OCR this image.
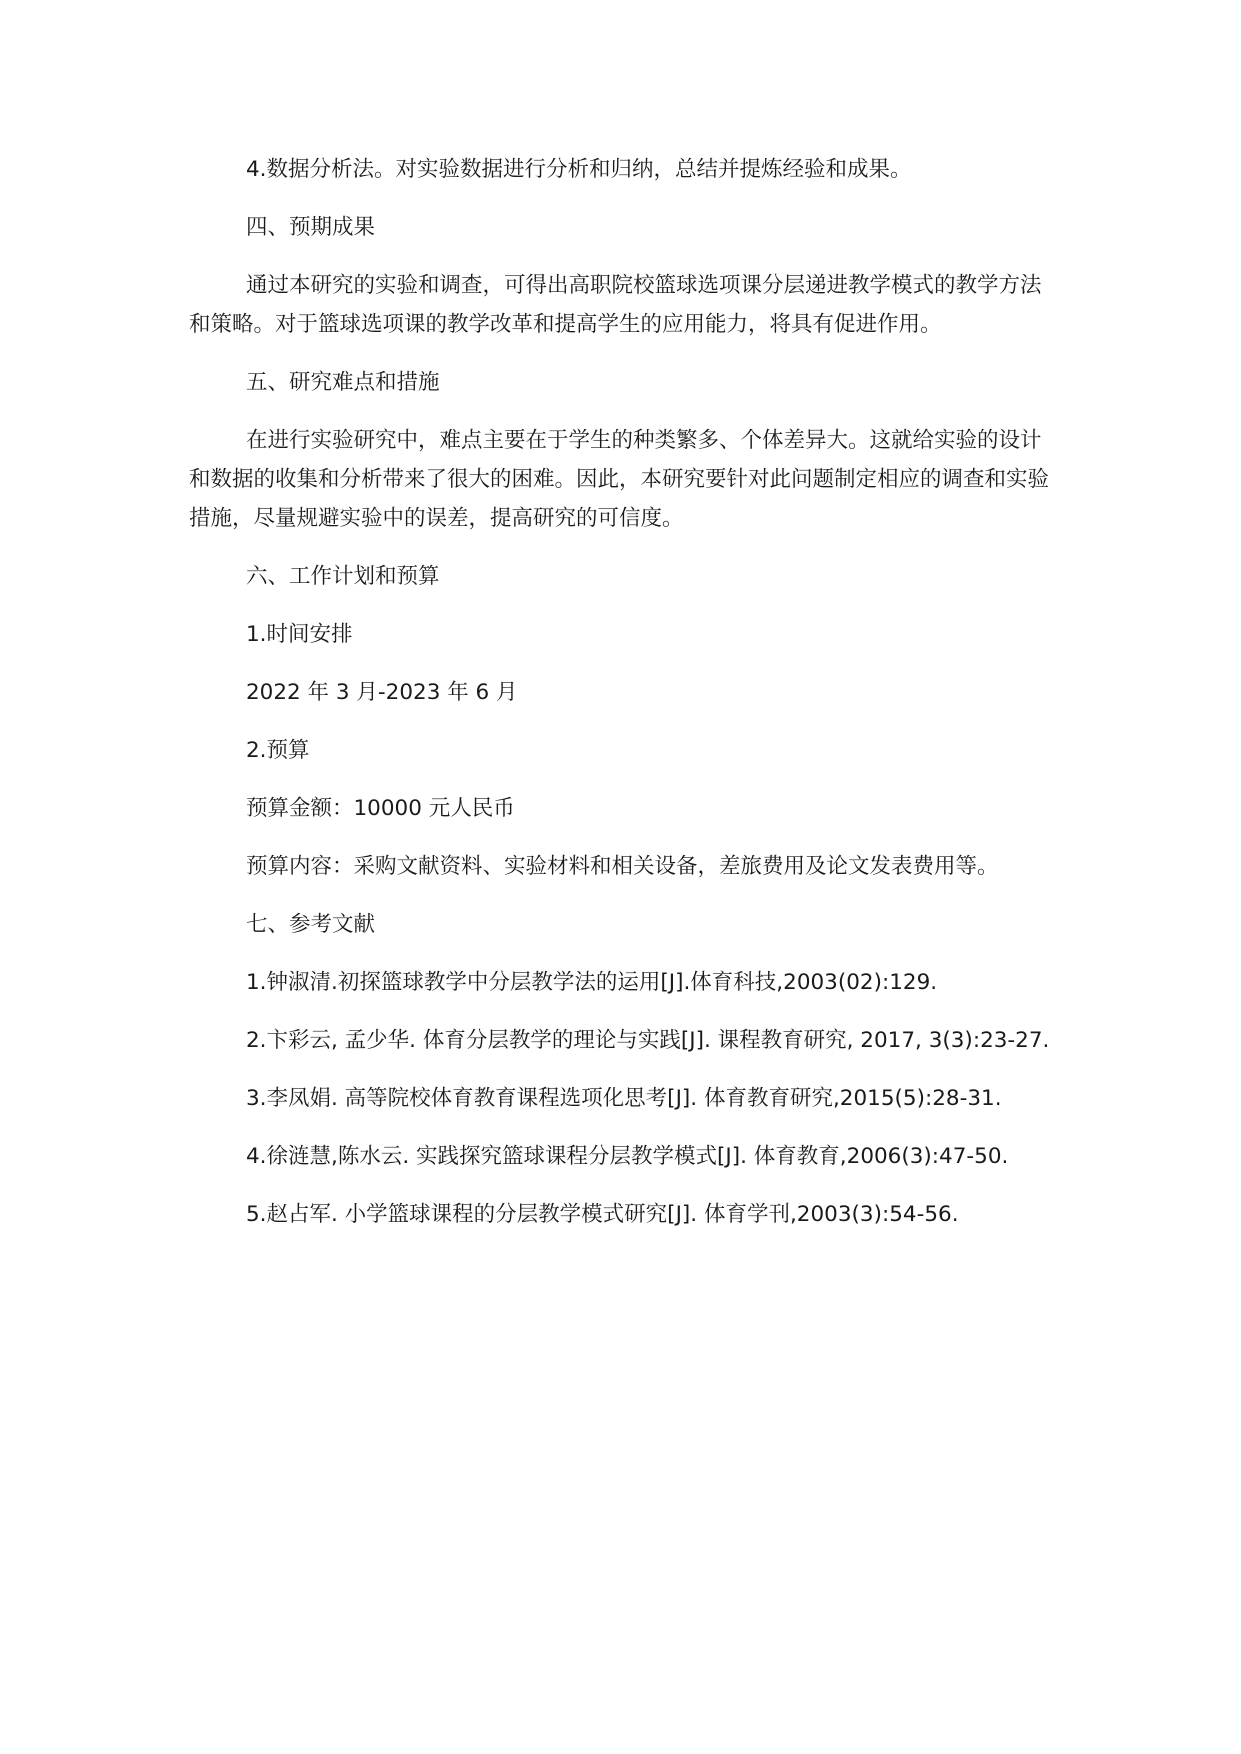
4.数据分析法。对实验数据进行分析和归纳，总结并提炼经验和成果。

四、预期成果

通过本研究的实验和调查，可得出高职院校篮球选项课分层递进教学模式的教学方法和策略。对于篮球选项课的教学改革和提高学生的应用能力，将具有促进作用。

五、研究难点和措施

在进行实验研究中，难点主要在于学生的种类繁多、个体差异大。这就给实验的设计和数据的收集和分析带来了很大的困难。因此，本研究要针对此问题制定相应的调查和实验措施，尽量规避实验中的误差，提高研究的可信度。

六、工作计划和预算

1.时间安排

2022 年 3 月-2023 年 6 月

2.预算

预算金额：10000 元人民币

预算内容：采购文献资料、实验材料和相关设备，差旅费用及论文发表费用等。

七、参考文献

1.钟淑清.初探篮球教学中分层教学法的运用[J].体育科技,2003(02):129.

2.卞彩云, 孟少华. 体育分层教学的理论与实践[J]. 课程教育研究, 2017, 3(3):23-27.

3.李凤娟. 高等院校体育教育课程选项化思考[J]. 体育教育研究,2015(5):28-31.

4.徐涟慧,陈水云. 实践探究篮球课程分层教学模式[J]. 体育教育,2006(3):47-50.

5.赵占军. 小学篮球课程的分层教学模式研究[J]. 体育学刊,2003(3):54-56.
